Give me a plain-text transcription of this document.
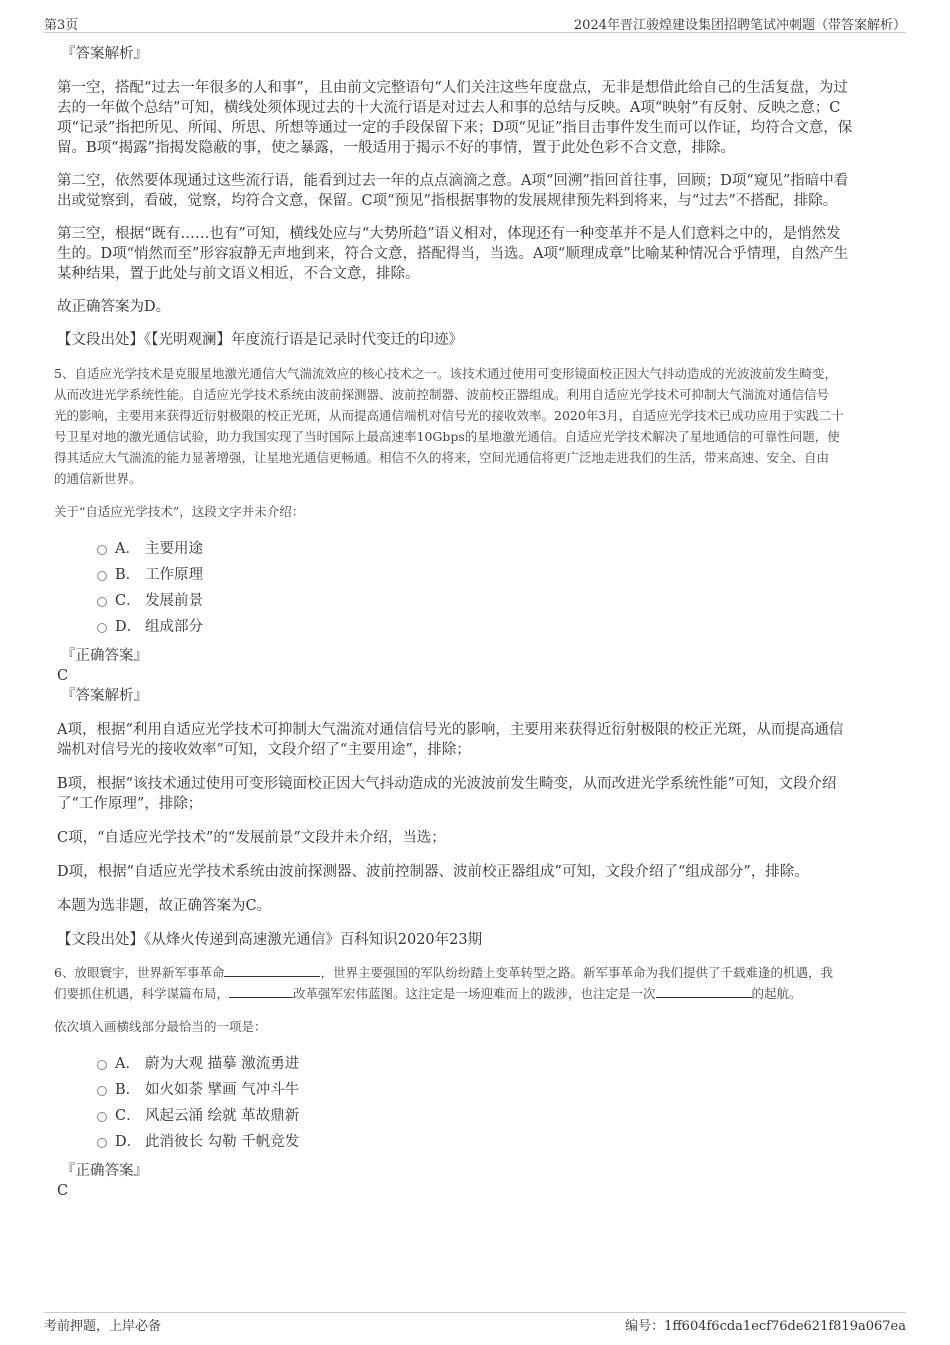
第3页	2024年晋江骏煌建设集团招聘笔试冲刺题（带答案解析）

『答案解析』

第一空，搭配“过去一年很多的人和事”，且由前文完整语句“人们关注这些年度盘点，无非是想借此给自己的生活复盘，为过

去的一年做个总结”可知，横线处须体现过去的十大流行语是对过去人和事的总结与反映。A项“映射”有反射、反映之意；C

项“记录”指把所见、所闻、所思、所想等通过一定的手段保留下来；D项“见证”指目击事件发生而可以作证，均符合文意，保

留。B项“揭露”指揭发隐蔽的事，使之暴露，一般适用于揭示不好的事情，置于此处色彩不合文意，排除。

第二空，依然要体现通过这些流行语，能看到过去一年的点点滴滴之意。A项“回溯”指回首往事，回顾；D项“窥见”指暗中看

出或觉察到，看破，觉察，均符合文意，保留。C项“预见”指根据事物的发展规律预先料到将来，与“过去”不搭配，排除。

第三空，根据“既有……也有”可知，横线处应与“大势所趋”语义相对，体现还有一种变革并不是人们意料之中的，是悄然发

生的。D项“悄然而至”形容寂静无声地到来，符合文意，搭配得当，当选。A项“顺理成章”比喻某种情况合乎情理，自然产生

某种结果，置于此处与前文语义相近，不合文意，排除。

故正确答案为D。

【文段出处】《【光明观澜】年度流行语是记录时代变迁的印迹》

5、自适应光学技术是克服星地激光通信大气湍流效应的核心技术之一。该技术通过使用可变形镜面校正因大气抖动造成的光波波前发生畸变，

从而改进光学系统性能。自适应光学技术系统由波前探测器、波前控制器、波前校正器组成。利用自适应光学技术可抑制大气湍流对通信信号

光的影响，主要用来获得近衍射极限的校正光斑，从而提高通信端机对信号光的接收效率。2020年3月，自适应光学技术已成功应用于实践二十

号卫星对地的激光通信试验，助力我国实现了当时国际上最高速率10Gbps的星地激光通信。自适应光学技术解决了星地通信的可靠性问题，使

得其适应大气湍流的能力显著增强，让星地光通信更畅通。相信不久的将来，空间光通信将更广泛地走进我们的生活，带来高速、安全、自由

的通信新世界。

关于“自适应光学技术”，这段文字并未介绍：

A． 主要用途
B． 工作原理
C． 发展前景
D． 组成部分

『正确答案』

C

『答案解析』

A项，根据“利用自适应光学技术可抑制大气湍流对通信信号光的影响，主要用来获得近衍射极限的校正光斑，从而提高通信

端机对信号光的接收效率”可知，文段介绍了“主要用途”，排除；

B项，根据“该技术通过使用可变形镜面校正因大气抖动造成的光波波前发生畸变，从而改进光学系统性能”可知，文段介绍

了“工作原理”，排除；

C项，“自适应光学技术”的“发展前景”文段并未介绍，当选；

D项，根据“自适应光学技术系统由波前探测器、波前控制器、波前校正器组成”可知，文段介绍了“组成部分”，排除。

本题为选非题，故正确答案为C。

【文段出处】《从烽火传递到高速激光通信》百科知识2020年23期

6、放眼寰宇，世界新军事革命	，世界主要强国的军队纷纷踏上变革转型之路。新军事革命为我们提供了千载难逢的机遇，我

们要抓住机遇，科学谋篇布局，	改革强军宏伟蓝图。这注定是一场迎难而上的跋涉，也注定是一次	的起航。

依次填入画横线部分最恰当的一项是：

A． 蔚为大观 描摹 激流勇进
B． 如火如荼 擘画 气冲斗牛
C． 风起云涌 绘就 革故鼎新
D． 此消彼长 勾勒 千帆竞发

『正确答案』

C

考前押题，上岸必备	编号：1ff604f6cda1ecf76de621f819a067ea
